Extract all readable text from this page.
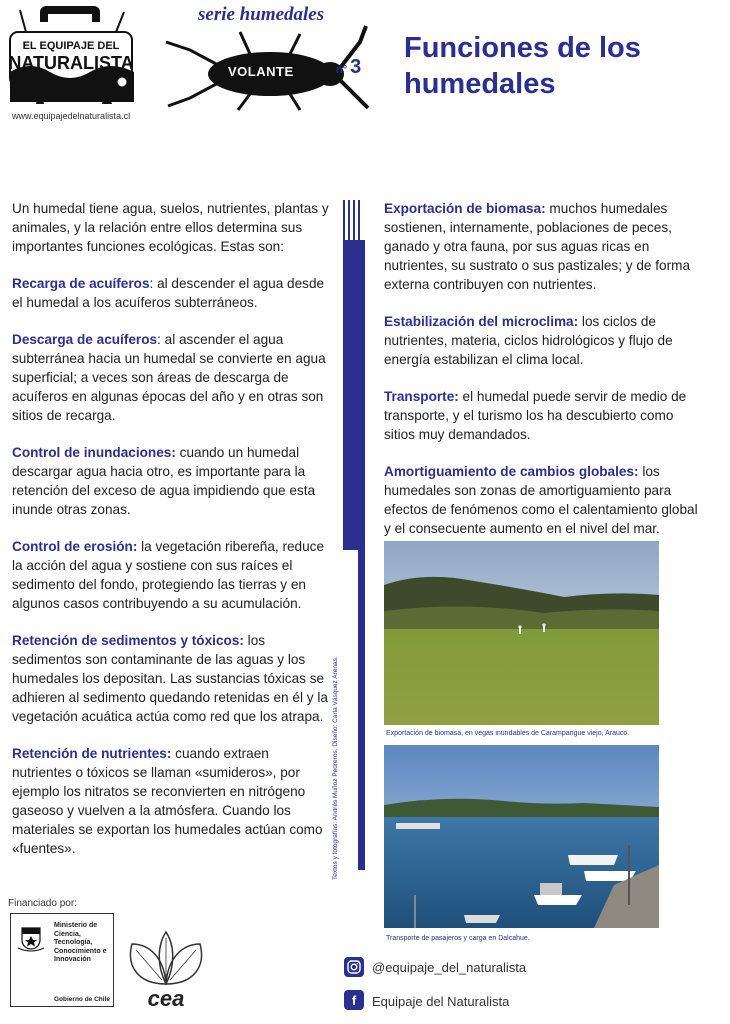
EL EQUIPAJE DEL
NATURALISTA
www.equipajedelnaturalista.cl
serie humedales
VOLANTE	n° 3
Funciones de los humedales

Un humedal tiene agua, suelos, nutrientes, plantas y animales, y la relación entre ellos determina sus importantes funciones ecológicas. Estas son:

Recarga de acuíferos: al descender el agua desde el humedal a los acuíferos subterráneos.

Descarga de acuíferos: al ascender el agua subterránea hacia un humedal se convierte en agua superficial; a veces son áreas de descarga de acuíferos en algunas épocas del año y en otras son sitios de recarga.

Control de inundaciones: cuando un humedal descargar agua hacia otro, es importante para la retención del exceso de agua impidiendo que esta inunde otras zonas.

Control de erosión: la vegetación ribereña, reduce la acción del agua y sostiene con sus raíces el sedimento del fondo, protegiendo las tierras y en algunos casos contribuyendo a su acumulación.

Retención de sedimentos y tóxicos: los sedimentos son contaminante de las aguas y los humedales los depositan. Las sustancias tóxicas se adhieren al sedimento quedando retenidas en él y la vegetación acuática actúa como red que los atrapa.

Retención de nutrientes: cuando extraen nutrientes o tóxicos se llaman «sumideros», por ejemplo los nitratos se reconvierten en nitrógeno gaseoso y vuelven a la atmósfera. Cuando los materiales se exportan los humedales actúan como «fuentes».	Textos y fotografías: Andrés Muñoz Pedreros. Diseño: Carla Vásquez Arenas.

Exportación de biomasa: muchos humedales sostienen, internamente, poblaciones de peces, ganado y otra fauna, por sus aguas ricas en nutrientes, su sustrato o sus pastizales; y de forma externa contribuyen con nutrientes.

Estabilización del microclima: los ciclos de nutrientes, materia, ciclos hidrológicos y flujo de energía estabilizan el clima local.

Transporte: el humedal puede servir de medio de transporte, y el turismo los ha descubierto como sitios muy demandados.

Amortiguamiento de cambios globales: los humedales son zonas de amortiguamiento para efectos de fenómenos como el calentamiento global y el consecuente aumento en el nivel del mar.

Exportación de biomasa, en vegas inundables de Carampangue viejo, Arauco.
Transporte de pasajeros y carga en Dalcahue.
Financiado por:
Ministerio de Ciencia, Tecnología, Conocimiento e Innovación
Gobierno de Chile cea
@equipaje_del_naturalista
f	Equipaje del Naturalista
